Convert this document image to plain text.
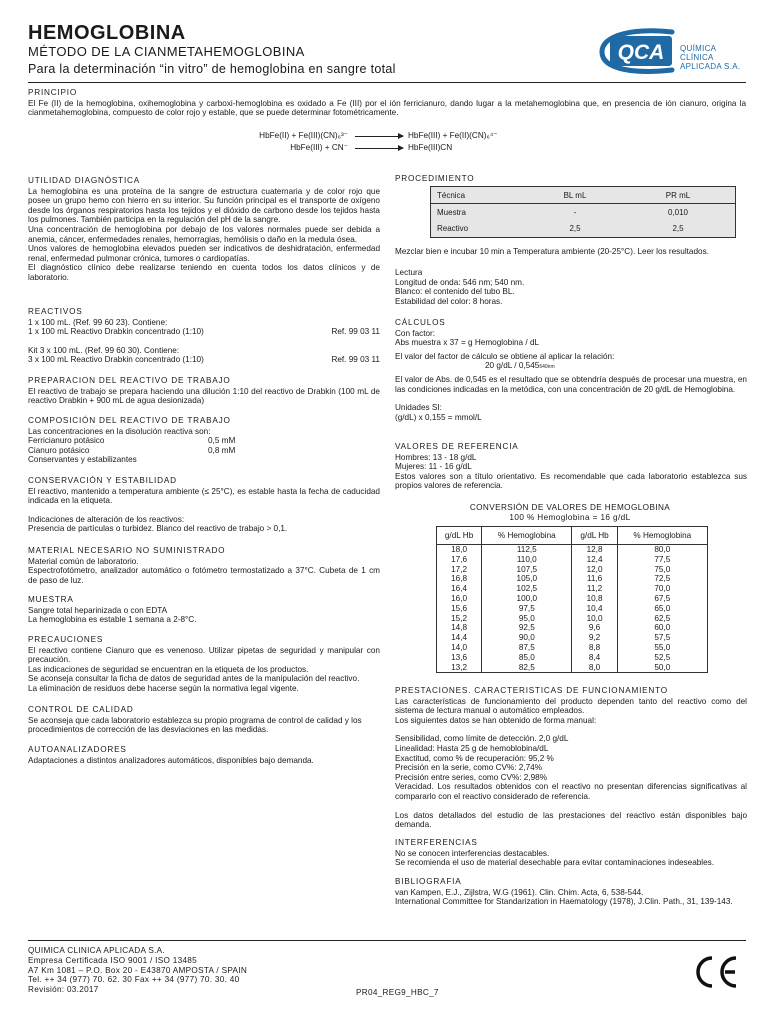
HEMOGLOBINA
MÉTODO DE LA CIANMETAHEMOGLOBINA
Para la determinación “in vitro” de hemoglobina en sangre total
QCA QUÍMICA CLÍNICA
APLICADA S.A.
PRINCIPIO

El Fe (II) de la hemoglobina, oxihemoglobina y carboxi-hemoglobina es oxidado a Fe (III) por el ión ferricianuro, dando lugar a la metahemoglobina que, en presencia de ión cianuro, origina la cianmetahemoglobina, compuesto de color rojo y estable, que se puede determinar fotométricamente.

HbFe(II) + Fe(III)(CN)₆³⁻	HbFe(III) + Fe(II)(CN)₆⁴⁻
HbFe(III) + CN⁻	HbFe(III)CN
UTILIDAD DIAGNÓSTICA

La hemoglobina es una proteína de la sangre de estructura cuaternaria y de color rojo que posee un grupo hemo con hierro en su interior. Su función principal es el transporte de oxígeno desde los órganos respiratorios hasta los tejidos y el dióxido de carbono desde los tejidos hasta los pulmones. También participa en la regulación del pH de la sangre.

Una concentración de hemoglobina por debajo de los valores normales puede ser debida a anemia, cáncer, enfermedades renales, hemorragias, hemólisis o daño en la medula ósea.

Unos valores de hemoglobina elevados pueden ser indicativos de deshidratación, enfermedad renal, enfermedad pulmonar crónica, tumores o cardiopatías.

El diagnóstico clínico debe realizarse teniendo en cuenta todos los datos clínicos y de laboratorio.

REACTIVOS

1 x 100 mL. (Ref. 99 60 23). Contiene:

1 x 100 mL Reactivo Drabkin concentrado (1:10)	Ref. 99 03 11

Kit 3 x 100 mL. (Ref. 99 60 30). Contiene:

3 x 100 mL Reactivo Drabkin concentrado (1:10)	Ref. 99 03 11
PREPARACION DEL REACTIVO DE TRABAJO

El reactivo de trabajo se prepara haciendo una dilución 1:10 del reactivo de Drabkin (100 mL de reactivo Drabkin + 900 mL de agua desionizada)

COMPOSICIÓN DEL REACTIVO DE TRABAJO

Las concentraciones en la disolución reactiva son:

Ferricianuro potásico	0,5 mM
Cianuro potásico	0,8 mM

Conservantes y estabilizantes

CONSERVACIÓN Y ESTABILIDAD

El reactivo, mantenido a temperatura ambiente (≤ 25°C), es estable hasta la fecha de caducidad indicada en la etiqueta.

Indicaciones de alteración de los reactivos:

Presencia de partículas o turbidez. Blanco del reactivo de trabajo > 0,1.

MATERIAL NECESARIO NO SUMINISTRADO

Material común de laboratorio.

Espectrofotómetro, analizador automático o fotómetro termostatizado a 37°C. Cubeta de 1 cm de paso de luz.

MUESTRA

Sangre total heparinizada o con EDTA

La hemoglobina es estable 1 semana a 2-8°C.

PRECAUCIONES

El reactivo contiene Cianuro que es venenoso. Utilizar pipetas de seguridad y manipular con precaución.

Las indicaciones de seguridad se encuentran en la etiqueta de los productos.

Se aconseja consultar la ficha de datos de seguridad antes de la manipulación del reactivo.

La eliminación de residuos debe hacerse según la normativa legal vigente.

CONTROL DE CALIDAD

Se aconseja que cada laboratorio establezca su propio programa de control de calidad y los procedimientos de corrección de las desviaciones en las medidas.

AUTOANALIZADORES

Adaptaciones a distintos analizadores automáticos, disponibles bajo demanda.

PROCEDIMIENTO
Técnica	BL mL	PR mL
Muestra	-	0,010
Reactivo	2,5	2,5

Mezclar bien e incubar 10 min a Temperatura ambiente (20-25°C). Leer los resultados.

Lectura

Longitud de onda: 546 nm; 540 nm.

Blanco: el contenido del tubo BL.

Estabilidad del color: 8 horas.

CÁLCULOS

Con factor:

Abs muestra x 37 = g Hemoglobina / dL

El valor del factor de cálculo se obtiene al aplicar la relación:

20 g/dL / 0,545540nm

El valor de Abs. de 0,545 es el resultado que se obtendría después de procesar una muestra, en las condiciones indicadas en la metódica, con una concentración de 20 g/dL de Hemoglobina.

Unidades SI:

(g/dL) x 0,155 = mmol/L

VALORES DE REFERENCIA

Hombres: 13 - 18 g/dL

Mujeres: 11 - 16 g/dL

Estos valores son a título orientativo. Es recomendable que cada laboratorio establezca sus propios valores de referencia.

CONVERSIÓN DE VALORES DE HEMOGLOBINA
100 % Hemoglobina = 16 g/dL
g/dL Hb	% Hemoglobina	g/dL Hb	% Hemoglobina
18,0	112,5	12,8	80,0
17,6	110,0	12,4	77,5
17,2	107,5	12,0	75,0
16,8	105,0	11,6	72,5
16,4	102,5	11,2	70,0
16,0	100,0	10,8	67,5
15,6	97,5	10,4	65,0
15,2	95,0	10,0	62,5
14,8	92,5	9,6	60,0
14,4	90,0	9,2	57,5
14,0	87,5	8,8	55,0
13,6	85,0	8,4	52,5
13,2	82,5	8,0	50,0
PRESTACIONES. CARACTERISTICAS DE FUNCIONAMIENTO

Las características de funcionamiento del producto dependen tanto del reactivo como del sistema de lectura manual o automático empleados.

Los siguientes datos se han obtenido de forma manual:

Sensibilidad, como límite de detección. 2,0 g/dL

Linealidad: Hasta 25 g de hemoblobina/dL

Exactitud, como % de recuperación: 95,2 %

Precisión en la serie, como CV%: 2,74%

Precisión entre series, como CV%: 2,98%

Veracidad. Los resultados obtenidos con el reactivo no presentan diferencias significativas al compararlo con el reactivo considerado de referencia.

Los datos detallados del estudio de las prestaciones del reactivo están disponibles bajo demanda.

INTERFERENCIAS

No se conocen interferencias destacables.

Se recomienda el uso de material desechable para evitar contaminaciones indeseables.

BIBLIOGRAFIA

van Kampen, E.J., Zijlstra, W.G (1961). Clin. Chim. Acta, 6, 538-544.

International Committee for Standarization in Haematology (1978), J.Clin. Path., 31, 139-143.

QUIMICA CLINICA APLICADA S.A.

Empresa Certificada ISO 9001 / ISO 13485

A7 Km 1081 – P.O. Box 20 - E43870 AMPOSTA / SPAIN

Tel. ++ 34 (977) 70. 62. 30 Fax ++ 34 (977) 70. 30. 40

Revisión: 03.2017	PR04_REG9_HBC_7
